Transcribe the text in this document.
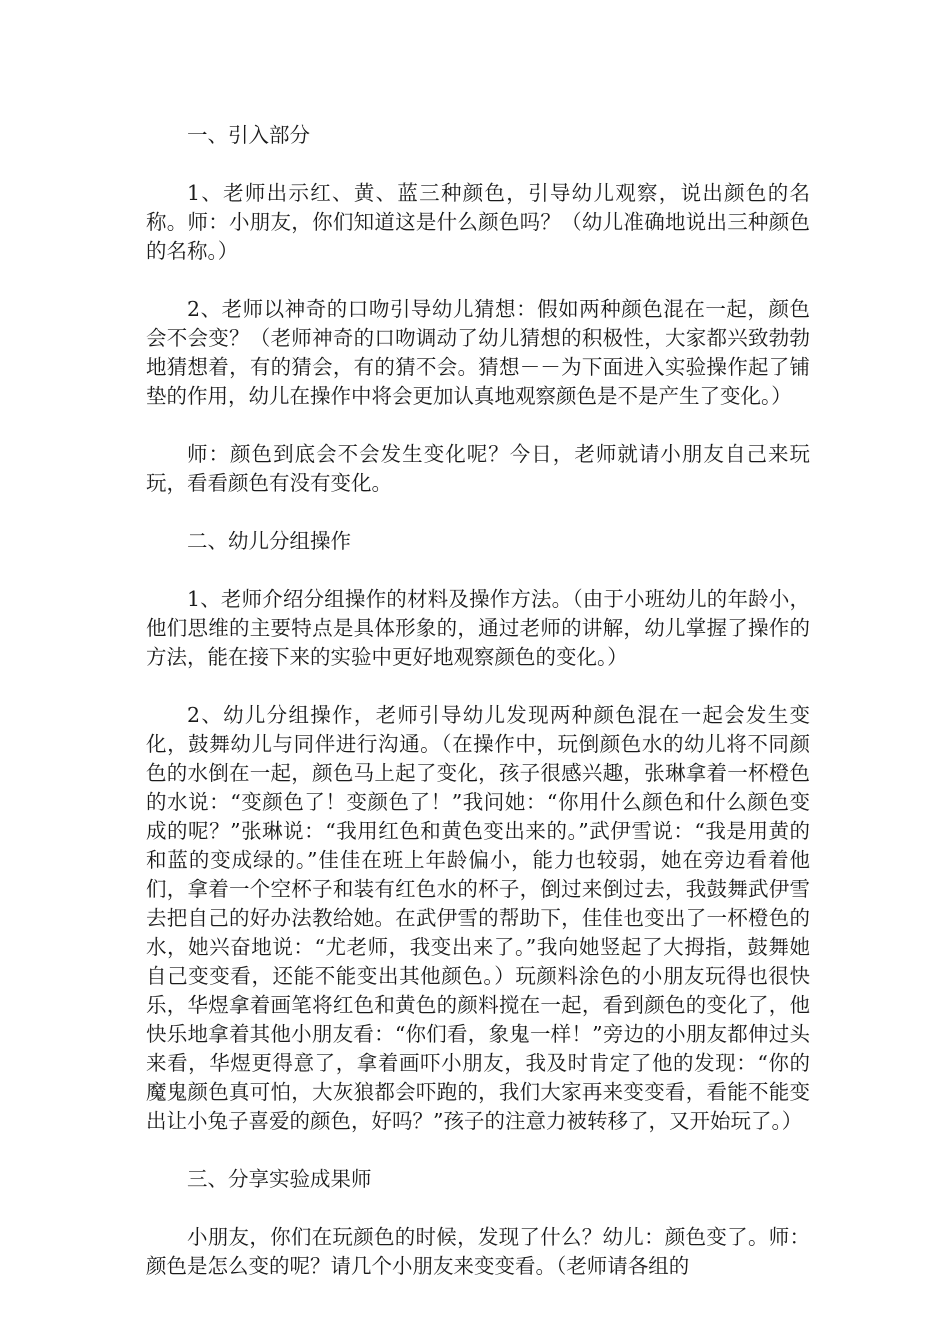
一、引入部分

1、老师出示红、黄、蓝三种颜色，引导幼儿观察，说出颜色的名称。师：小朋友，你们知道这是什么颜色吗？（幼儿准确地说出三种颜色的名称。）

2、老师以神奇的口吻引导幼儿猜想：假如两种颜色混在一起，颜色会不会变？（老师神奇的口吻调动了幼儿猜想的积极性，大家都兴致勃勃地猜想着，有的猜会，有的猜不会。猜想－－为下面进入实验操作起了铺垫的作用，幼儿在操作中将会更加认真地观察颜色是不是产生了变化。）

师：颜色到底会不会发生变化呢？今日，老师就请小朋友自己来玩玩，看看颜色有没有变化。

二、幼儿分组操作

1、老师介绍分组操作的材料及操作方法。（由于小班幼儿的年龄小，他们思维的主要特点是具体形象的，通过老师的讲解，幼儿掌握了操作的方法，能在接下来的实验中更好地观察颜色的变化。）

2、幼儿分组操作，老师引导幼儿发现两种颜色混在一起会发生变化，鼓舞幼儿与同伴进行沟通。（在操作中，玩倒颜色水的幼儿将不同颜色的水倒在一起，颜色马上起了变化，孩子很感兴趣，张琳拿着一杯橙色的水说：“变颜色了！变颜色了！”我问她：“你用什么颜色和什么颜色变成的呢？”张琳说：“我用红色和黄色变出来的。”武伊雪说：“我是用黄的和蓝的变成绿的。”佳佳在班上年龄偏小，能力也较弱，她在旁边看着他们，拿着一个空杯子和装有红色水的杯子，倒过来倒过去，我鼓舞武伊雪去把自己的好办法教给她。在武伊雪的帮助下，佳佳也变出了一杯橙色的水，她兴奋地说：“尤老师，我变出来了。”我向她竖起了大拇指，鼓舞她自己变变看，还能不能变出其他颜色。）玩颜料涂色的小朋友玩得也很快乐，华煜拿着画笔将红色和黄色的颜料搅在一起，看到颜色的变化了，他快乐地拿着其他小朋友看：“你们看，象鬼一样！”旁边的小朋友都伸过头来看，华煜更得意了，拿着画吓小朋友，我及时肯定了他的发现：“你的魔鬼颜色真可怕，大灰狼都会吓跑的，我们大家再来变变看，看能不能变出让小兔子喜爱的颜色，好吗？”孩子的注意力被转移了，又开始玩了。）

三、分享实验成果师

小朋友，你们在玩颜色的时候，发现了什么？幼儿：颜色变了。师：颜色是怎么变的呢？请几个小朋友来变变看。（老师请各组的
